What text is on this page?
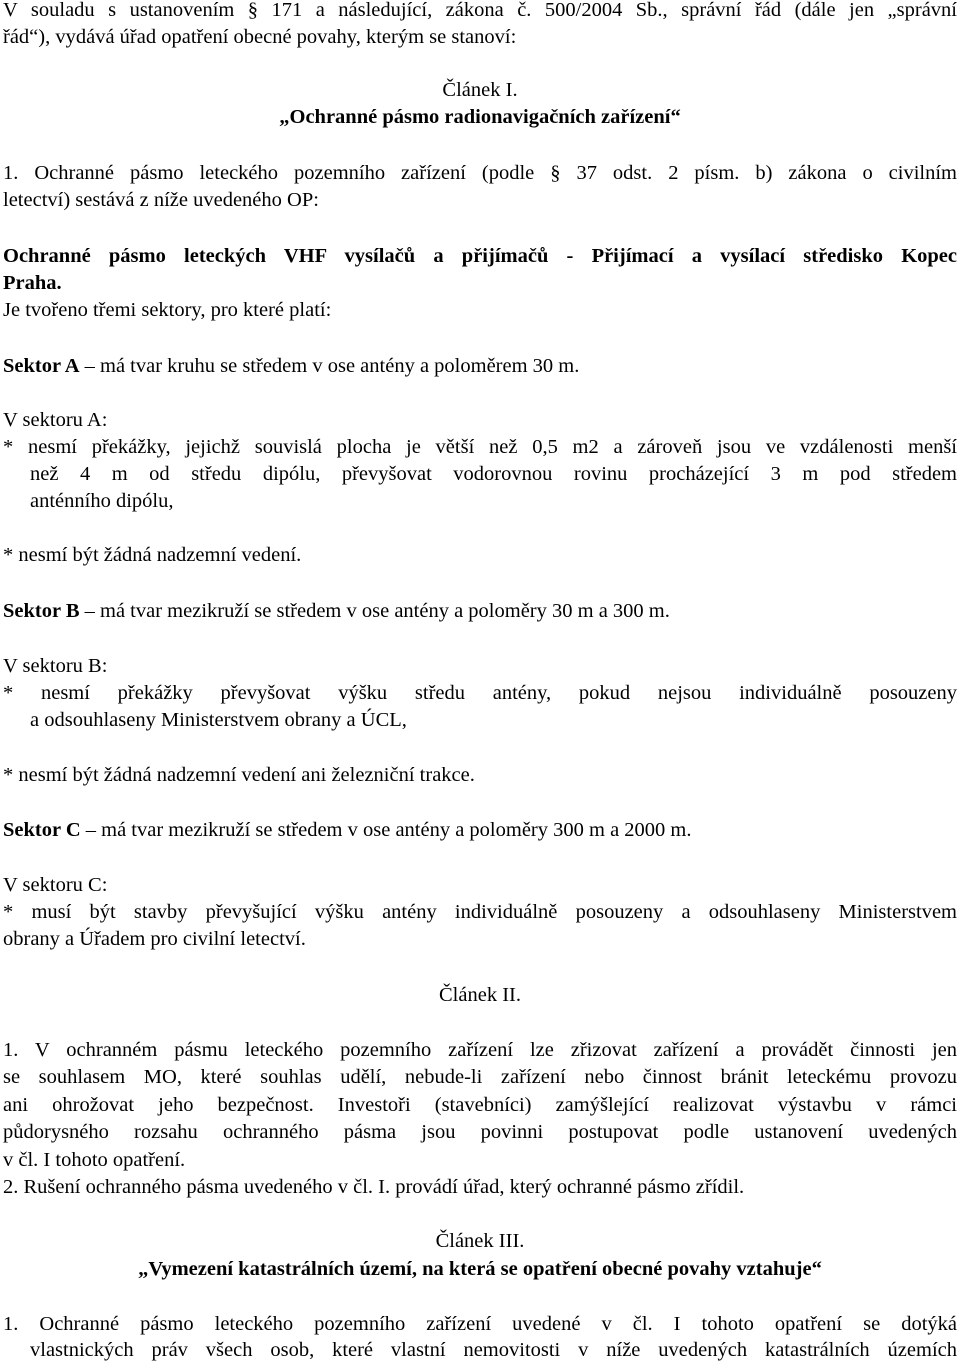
V souladu s ustanovením § 171 a následující, zákona č. 500/2004 Sb., správní řád (dále jen „správní
řád“), vydává úřad opatření obecné povahy, kterým se stanoví:
Článek I.
„Ochranné pásmo radionavigačních zařízení“
1. Ochranné pásmo leteckého pozemního zařízení (podle § 37 odst. 2 písm. b) zákona o civilním
letectví) sestává z níže uvedeného OP:
Ochranné pásmo leteckých VHF vysílačů a přijímačů - Přijímací a vysílací středisko Kopec
Praha.
Je tvořeno třemi sektory, pro které platí:
Sektor A – má tvar kruhu se středem v ose antény a poloměrem 30 m.
V sektoru A:
* nesmí překážky, jejichž souvislá plocha je větší než 0,5 m2 a zároveň jsou ve vzdálenosti menší
než 4 m od středu dipólu, převyšovat vodorovnou rovinu procházející 3 m pod středem
anténního dipólu,
* nesmí být žádná nadzemní vedení.
Sektor B – má tvar mezikruží se středem v ose antény a poloměry 30 m a 300 m.
V sektoru B:
* nesmí překážky převyšovat výšku středu antény, pokud nejsou individuálně posouzeny
a odsouhlaseny Ministerstvem obrany a ÚCL,
* nesmí být žádná nadzemní vedení ani železniční trakce.
Sektor C – má tvar mezikruží se středem v ose antény a poloměry 300 m a 2000 m.
V sektoru C:
* musí být stavby převyšující výšku antény individuálně posouzeny a odsouhlaseny Ministerstvem
obrany a Úřadem pro civilní letectví.
Článek II.
1. V ochranném pásmu leteckého pozemního zařízení lze zřizovat zařízení a provádět činnosti jen
se souhlasem MO, které souhlas udělí, nebude-li zařízení nebo činnost bránit leteckému provozu
ani ohrožovat jeho bezpečnost. Investoři (stavebníci) zamýšlející realizovat výstavbu v rámci
půdorysného rozsahu ochranného pásma jsou povinni postupovat podle ustanovení uvedených
v čl. I tohoto opatření.
2. Rušení ochranného pásma uvedeného v čl. I. provádí úřad, který ochranné pásmo zřídil.
Článek III.
„Vymezení katastrálních území, na která se opatření obecné povahy vztahuje“
1. Ochranné pásmo leteckého pozemního zařízení uvedené v čl. I tohoto opatření se dotýká
vlastnických práv všech osob, které vlastní nemovitosti v níže uvedených katastrálních územích
